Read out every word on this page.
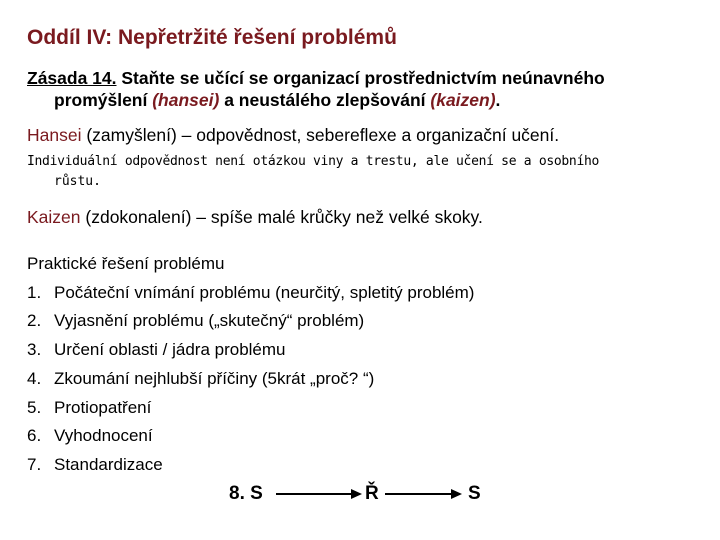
Oddíl IV: Nepřetržité řešení problémů
Zásada 14. Staňte se učící se organizací prostřednictvím neúnavného
promýšlení (hansei) a neustálého zlepšování (kaizen).
Hansei (zamyšlení) – odpovědnost, sebereflexe a organizační učení.
Individuální odpovědnost není otázkou viny a trestu, ale učení se a osobního
růstu.
Kaizen (zdokonalení) – spíše malé krůčky než velké skoky.
Praktické řešení problému
1. Počáteční vnímání problému (neurčitý, spletitý problém)
2. Vyjasnění problému („skutečný“ problém)
3. Určení oblasti / jádra problému
4. Zkoumání nejhlubší příčiny (5krát „proč? “)
5. Protiopatření
6. Vyhodnocení
7. Standardizace
8. S	Ř	S
